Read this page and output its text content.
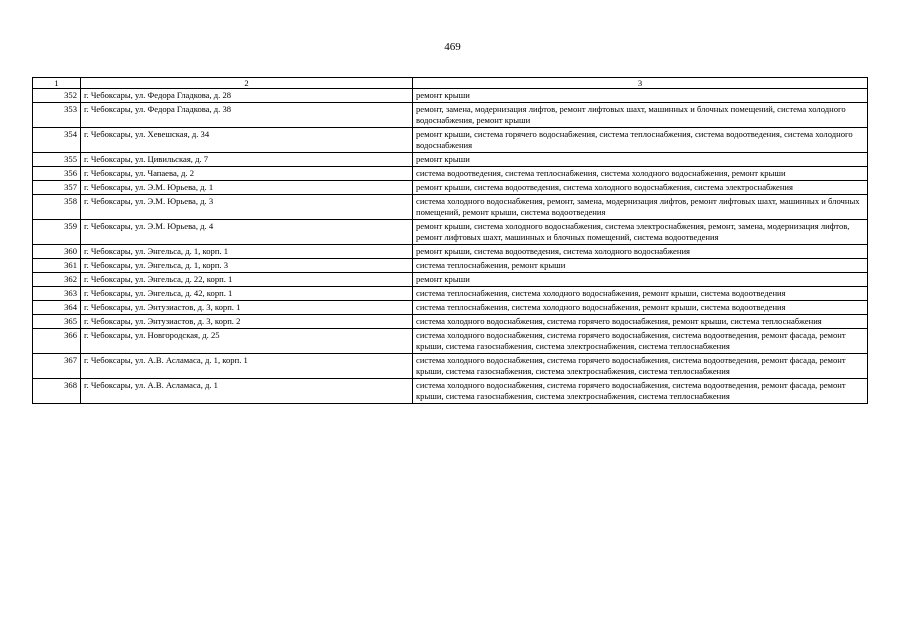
469
1	2	3
352	г. Чебоксары, ул. Федора Гладкова, д. 28	ремонт крыши
353	г. Чебоксары, ул. Федора Гладкова, д. 38	ремонт, замена, модернизация лифтов, ремонт лифтовых шахт, машинных и блочных помещений, система холодного водоснабжения, ремонт крыши
354	г. Чебоксары, ул. Хевешская, д. 34	ремонт крыши, система горячего водоснабжения, система теплоснабжения, система водоотведения, система холодного водоснабжения
355	г. Чебоксары, ул. Цивильская, д. 7	ремонт крыши
356	г. Чебоксары, ул. Чапаева, д. 2	система водоотведения, система теплоснабжения, система холодного водоснабжения, ремонт крыши
357	г. Чебоксары, ул. Э.М. Юрьева, д. 1	ремонт крыши, система водоотведения, система холодного водоснабжения, система электроснабжения
358	г. Чебоксары, ул. Э.М. Юрьева, д. 3	система холодного водоснабжения, ремонт, замена, модернизация лифтов, ремонт лифтовых шахт, машинных и блочных помещений, ремонт крыши, система водоотведения
359	г. Чебоксары, ул. Э.М. Юрьева, д. 4	ремонт крыши, система холодного водоснабжения, система электроснабжения, ремонт, замена, модернизация лифтов, ремонт лифтовых шахт, машинных и блочных помещений, система водоотведения
360	г. Чебоксары, ул. Энгельса, д. 1, корп. 1	ремонт крыши, система водоотведения, система холодного водоснабжения
361	г. Чебоксары, ул. Энгельса, д. 1, корп. 3	система теплоснабжения, ремонт крыши
362	г. Чебоксары, ул. Энгельса, д. 22, корп. 1	ремонт крыши
363	г. Чебоксары, ул. Энгельса, д. 42, корп. 1	система теплоснабжения, система холодного водоснабжения, ремонт крыши, система водоотведения
364	г. Чебоксары, ул. Энтузиастов, д. 3, корп. 1	система теплоснабжения, система холодного водоснабжения, ремонт крыши, система водоотведения
365	г. Чебоксары, ул. Энтузиастов, д. 3, корп. 2	система холодного водоснабжения, система горячего водоснабжения, ремонт крыши, система теплоснабжения
366	г. Чебоксары, ул. Новгородская, д. 25	система холодного водоснабжения, система горячего водоснабжения, система водоотведения, ремонт фасада, ремонт крыши, система газоснабжения, система электроснабжения, система теплоснабжения
367	г. Чебоксары, ул. А.В. Асламаса, д. 1, корп. 1	система холодного водоснабжения, система горячего водоснабжения, система водоотведения, ремонт фасада, ремонт крыши, система газоснабжения, система электроснабжения, система теплоснабжения
368	г. Чебоксары, ул. А.В. Асламаса, д. 1	система холодного водоснабжения, система горячего водоснабжения, система водоотведения, ремонт фасада, ремонт крыши, система газоснабжения, система электроснабжения, система теплоснабжения
